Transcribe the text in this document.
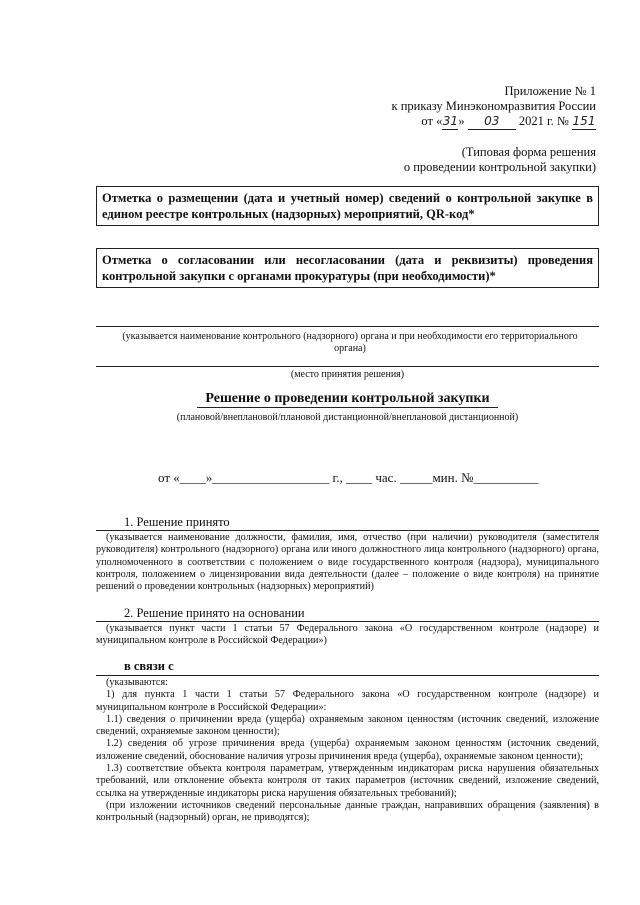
Приложение № 1
к приказу Минэкономразвития России
от «31» 03 2021 г. № 151
(Типовая форма решения
о проведении контрольной закупки)
Отметка о размещении (дата и учетный номер) сведений о контрольной закупке в едином реестре контрольных (надзорных) мероприятий, QR-код*
Отметка о согласовании или несогласовании (дата и реквизиты) проведения контрольной закупки с органами прокуратуры (при необходимости)*
(указывается наименование контрольного (надзорного) органа и при необходимости его территориального органа)
(место принятия решения)
Решение о проведении контрольной закупки
(плановой/внеплановой/плановой дистанционной/внеплановой дистанционной)
от «____»__________________ г., ____ час. _____мин. №__________
1. Решение принято
(указывается наименование должности, фамилия, имя, отчество (при наличии) руководителя (заместителя руководителя) контрольного (надзорного) органа или иного должностного лица контрольного (надзорного) органа, уполномоченного в соответствии с положением о виде государственного контроля (надзора), муниципального контроля, положением о лицензировании вида деятельности (далее – положение о виде контроля) на принятие решений о проведении контрольных (надзорных) мероприятий)
2. Решение принято на основании
(указывается пункт части 1 статьи 57 Федерального закона «О государственном контроле (надзоре) и муниципальном контроле в Российской Федерации»)
в связи с
(указываются:
1) для пункта 1 части 1 статьи 57 Федерального закона «О государственном контроле (надзоре) и муниципальном контроле в Российской Федерации»:
1.1) сведения о причинении вреда (ущерба) охраняемым законом ценностям (источник сведений, изложение сведений, охраняемые законом ценности);
1.2) сведения об угрозе причинения вреда (ущерба) охраняемым законом ценностям (источник сведений, изложение сведений, обоснование наличия угрозы причинения вреда (ущерба), охраняемые законом ценности);
1.3) соответствие объекта контроля параметрам, утвержденным индикаторам риска нарушения обязательных требований, или отклонение объекта контроля от таких параметров (источник сведений, изложение сведений, ссылка на утвержденные индикаторы риска нарушения обязательных требований);
(при изложении источников сведений персональные данные граждан, направивших обращения (заявления) в контрольный (надзорный) орган, не приводятся);
